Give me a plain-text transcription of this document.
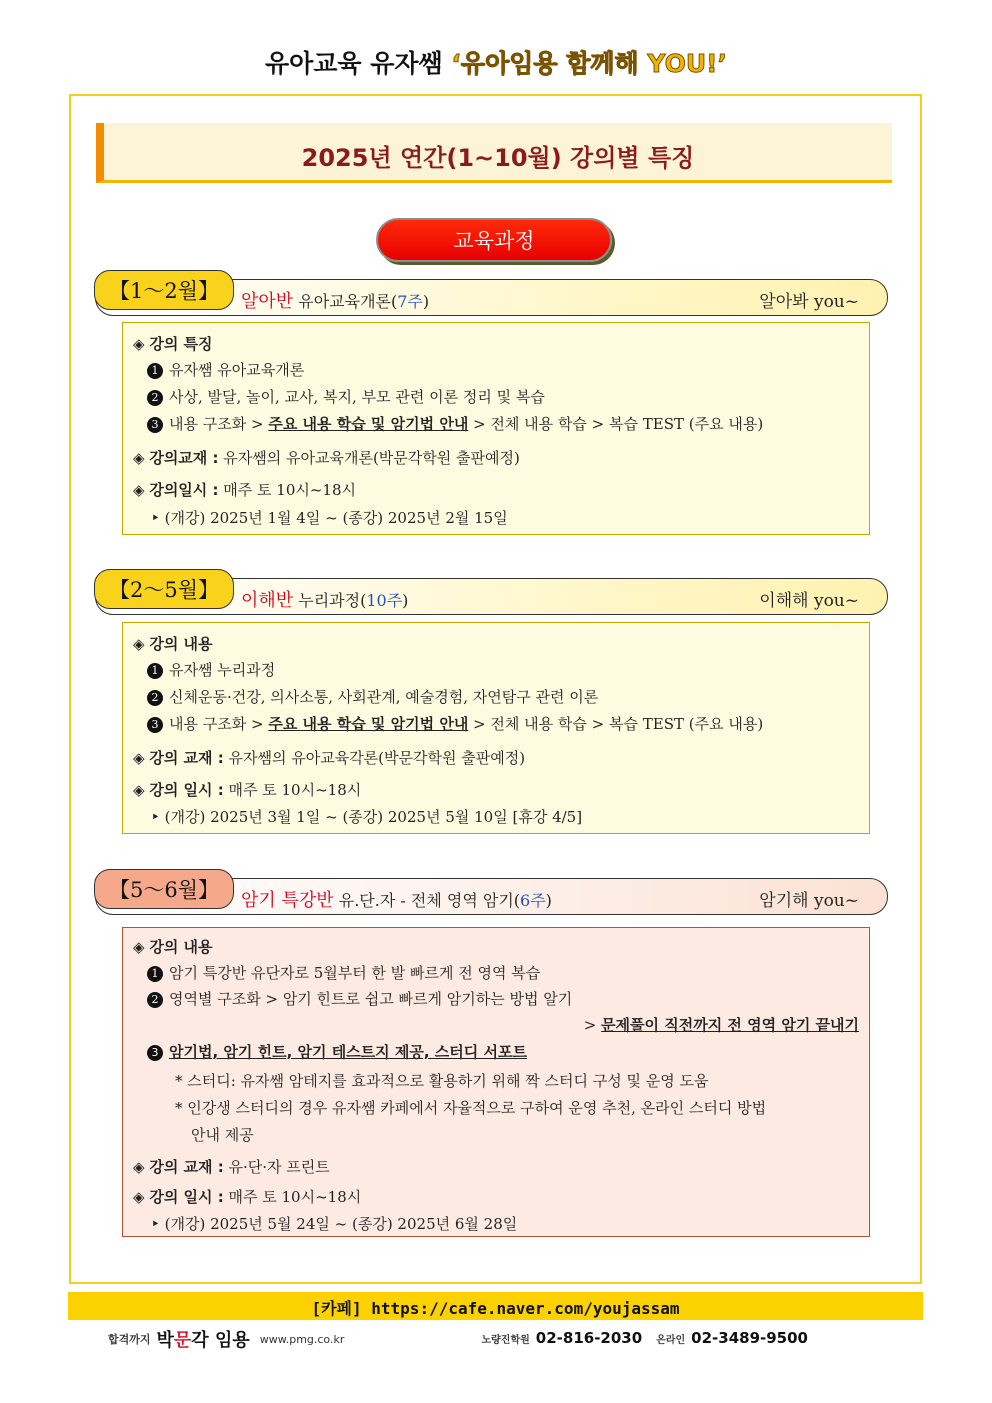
유아교육 유자쌤 ‘유아임용 함께해 YOU!’
2025년 연간(1~10월) 강의별 특징
교육과정
【1～2월】	알아반 유아교육개론(7주)	알아봐 you~
◈ 강의 특징
1 유자쌤 유아교육개론
2 사상, 발달, 놀이, 교사, 복지, 부모 관련 이론 정리 및 복습
3 내용 구조화 > 주요 내용 학습 및 암기법 안내 > 전체 내용 학습 > 복습 TEST (주요 내용)
◈ 강의교재 : 유자쌤의 유아교육개론(박문각학원 출판예정)
◈ 강의일시 : 매주 토 10시~18시
‣ (개강) 2025년 1월 4일 ~ (종강) 2025년 2월 15일
【2～5월】	이해반 누리과정(10주)	이해해 you~
◈ 강의 내용
1 유자쌤 누리과정
2 신체운동·건강, 의사소통, 사회관계, 예술경험, 자연탐구 관련 이론
3 내용 구조화 > 주요 내용 학습 및 암기법 안내 > 전체 내용 학습 > 복습 TEST (주요 내용)
◈ 강의 교재 : 유자쌤의 유아교육각론(박문각학원 출판예정)
◈ 강의 일시 : 매주 토 10시~18시
‣ (개강) 2025년 3월 1일 ~ (종강) 2025년 5월 10일 [휴강 4/5]
【5～6월】	암기 특강반 유.단.자 - 전체 영역 암기(6주)	암기해 you~
◈ 강의 내용
1 암기 특강반 유단자로 5월부터 한 발 빠르게 전 영역 복습
2 영역별 구조화 > 암기 힌트로 쉽고 빠르게 암기하는 방법 알기
> 문제풀이 직전까지 전 영역 암기 끝내기
3 암기법, 암기 힌트, 암기 테스트지 제공, 스터디 서포트
* 스터디: 유자쌤 암테지를 효과적으로 활용하기 위해 짝 스터디 구성 및 운영 도움
* 인강생 스터디의 경우 유자쌤 카페에서 자율적으로 구하여 운영 추천, 온라인 스터디 방법
안내 제공
◈ 강의 교재 : 유·단·자 프린트
◈ 강의 일시 : 매주 토 10시~18시
‣ (개강) 2025년 5월 24일 ~ (종강) 2025년 6월 28일
[카페] https://cafe.naver.com/youjassam
합격까지 박문각 임용 www.pmg.co.kr	노량진학원 02-816-2030 온라인 02-3489-9500
